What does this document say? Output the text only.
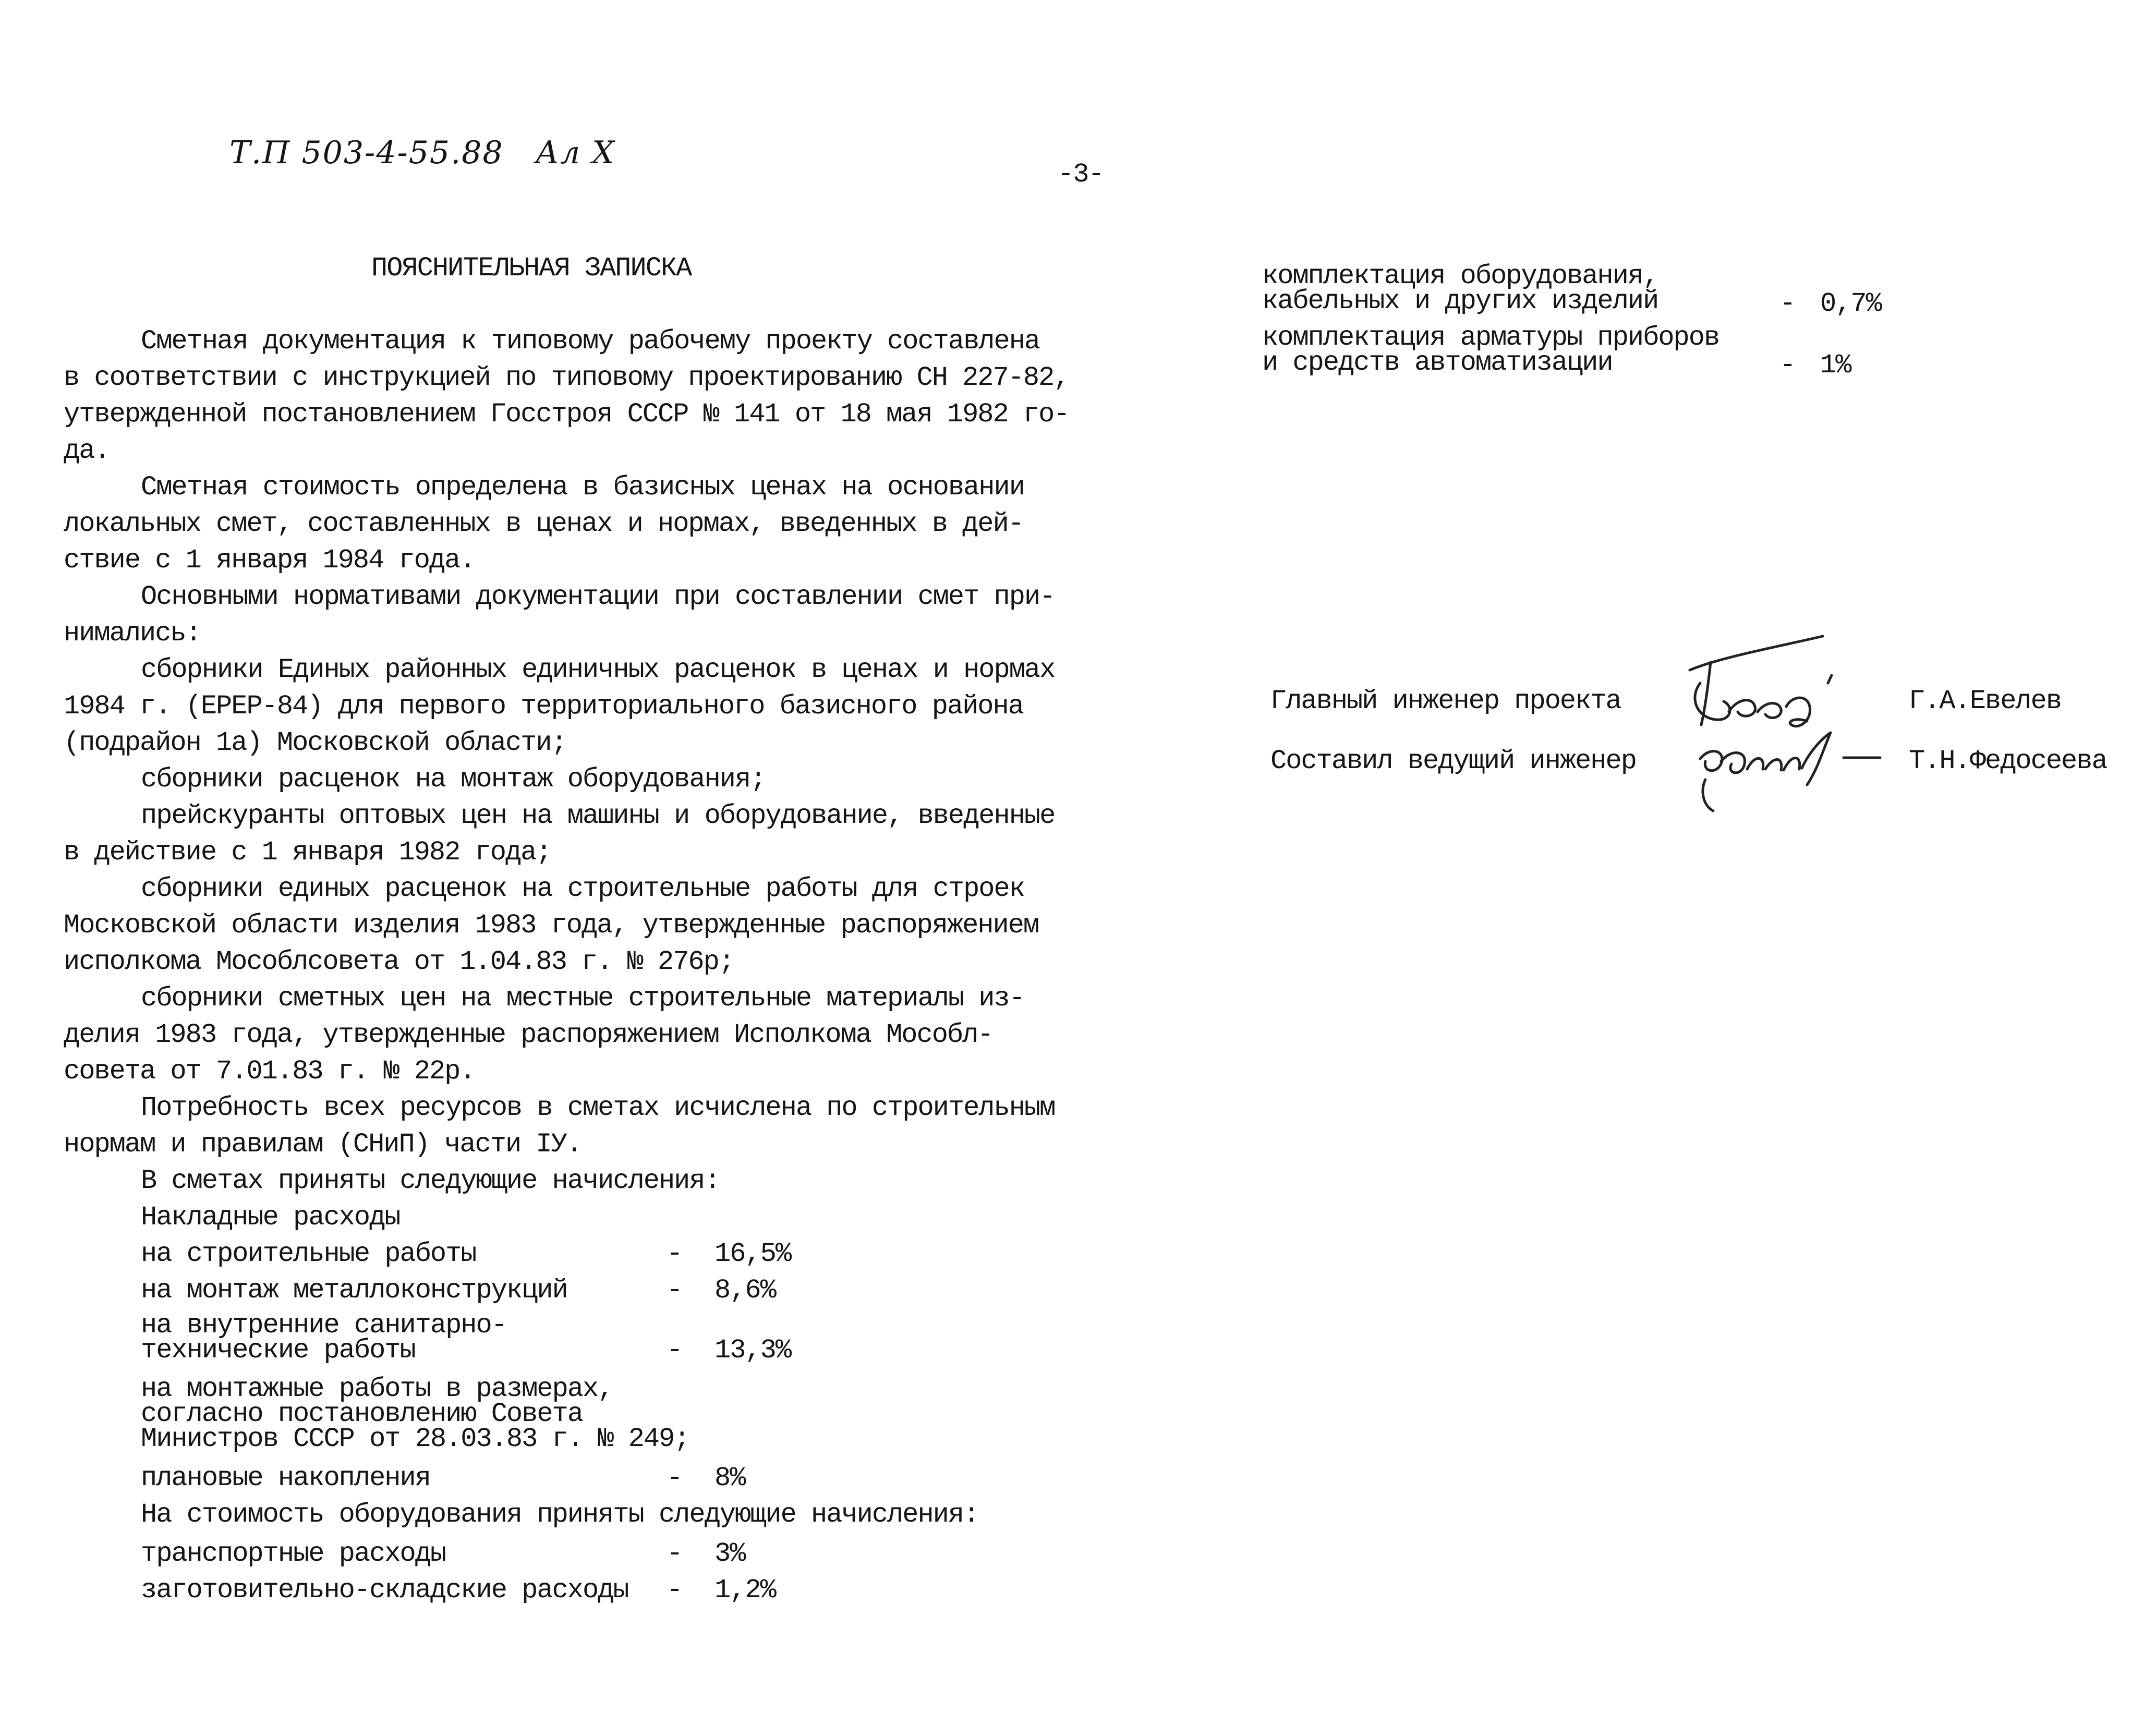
Т.П 503-4-55.88 Ал Х
-3-
ПОЯСНИТЕЛЬНАЯ ЗАПИСКА
Сметная документация к типовому рабочему проекту составлена
в соответствии с инструкцией по типовому проектированию СН 227-82,
утвержденной постановлением Госстроя СССР № 141 от 18 мая 1982 го-
да.
Сметная стоимость определена в базисных ценах на основании
локальных смет, составленных в ценах и нормах, введенных в дей-
ствие с 1 января 1984 года.
Основными нормативами документации при составлении смет при-
нимались:
сборники Единых районных единичных расценок в ценах и нормах
1984 г. (ЕРЕР-84) для первого территориального базисного района
(подрайон 1а) Московской области;
сборники расценок на монтаж оборудования;
прейскуранты оптовых цен на машины и оборудование, введенные
в действие с 1 января 1982 года;
сборники единых расценок на строительные работы для строек
Московской области изделия 1983 года, утвержденные распоряжением
исполкома Мособлсовета от 1.04.83 г. № 276р;
сборники сметных цен на местные строительные материалы из-
делия 1983 года, утвержденные распоряжением Исполкома Мособл-
совета от 7.01.83 г. № 22р.
Потребность всех ресурсов в сметах исчислена по строительным
нормам и правилам (СНиП) части IУ.
В сметах приняты следующие начисления:
Накладные расходы
на строительные работы	- 16,5%
на монтаж металлоконструкций	- 8,6%
на внутренние санитарно-
технические работы	- 13,3%
на монтажные работы в размерах,
согласно постановлению Совета
Министров СССР от 28.03.83 г. № 249;
плановые накопления	- 8%
На стоимость оборудования приняты следующие начисления:
транспортные расходы	- 3%
заготовительно-складские расходы - 1,2%
комплектация оборудования,
кабельных и других изделий	- 0,7%
комплектация арматуры приборов
и средств автоматизации	- 1%
Главный инженер проекта	Г.А.Евелев
Составил ведущий инженер	Т.Н.Федосеева
